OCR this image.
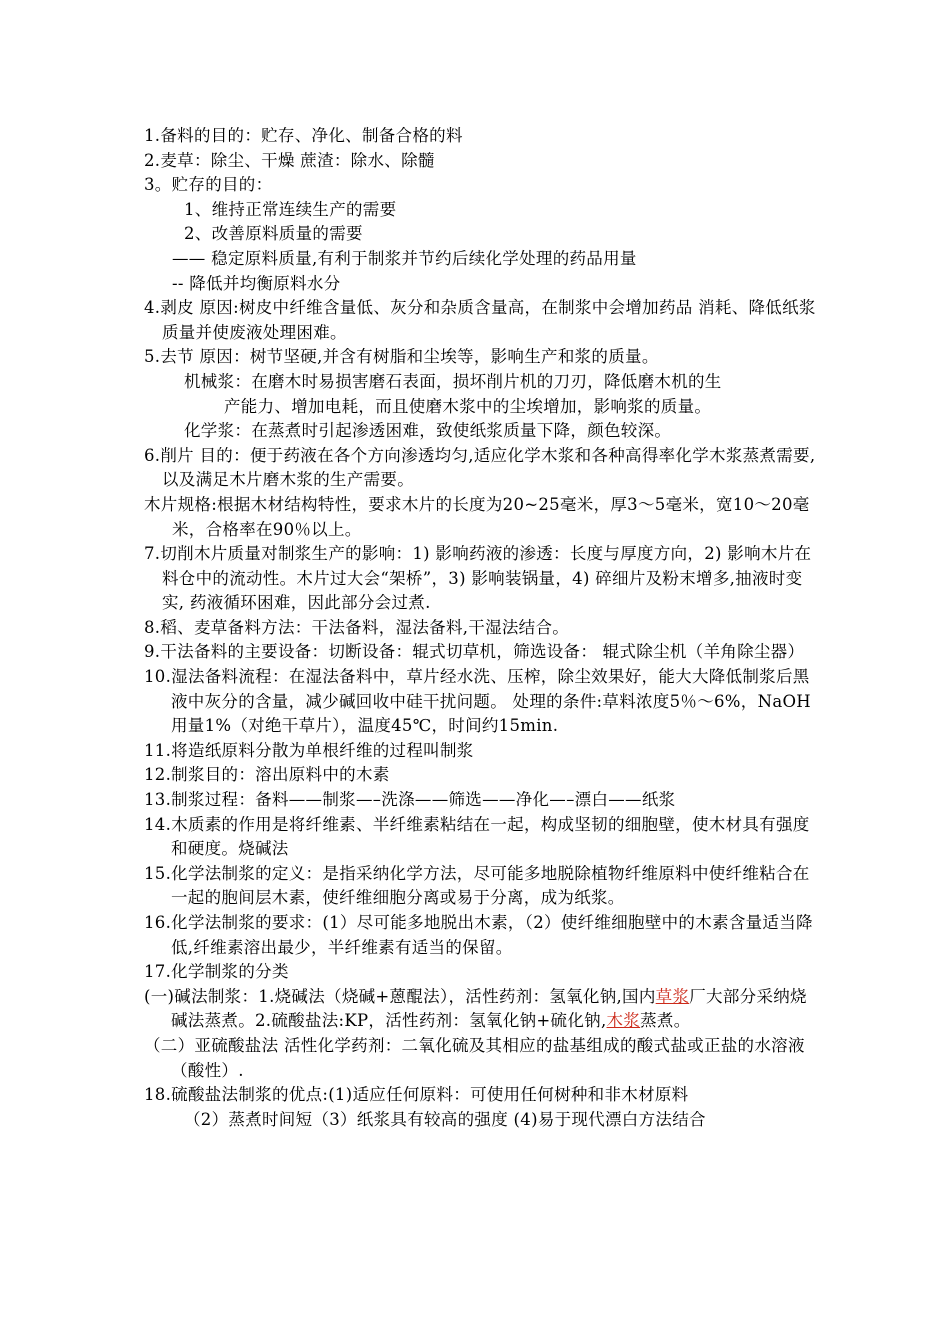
1.备料的目的：贮存、净化、制备合格的料

2.麦草：除尘、干燥 蔗渣：除水、除髓

3。贮存的目的：

1、维持正常连续生产的需要

2、改善原料质量的需要

—— 稳定原料质量,有利于制浆并节约后续化学处理的药品用量

-- 降低并均衡原料水分

4.剥皮 原因:树皮中纤维含量低、灰分和杂质含量高，在制浆中会增加药品 消耗、降低纸浆质量并使废液处理困难。

5.去节 原因：树节坚硬,并含有树脂和尘埃等，影响生产和浆的质量。

机械浆：在磨木时易损害磨石表面，损坏削片机的刀刃，降低磨木机的生

产能力、增加电耗，而且使磨木浆中的尘埃增加，影响浆的质量。

化学浆：在蒸煮时引起渗透困难，致使纸浆质量下降，颜色较深。

6.削片 目的：便于药液在各个方向渗透均匀,适应化学木浆和各种高得率化学木浆蒸煮需要,以及满足木片磨木浆的生产需要。

木片规格:根据木材结构特性，要求木片的长度为20~25毫米，厚3～5毫米，宽10～20毫米，合格率在90％以上。

7.切削木片质量对制浆生产的影响：1) 影响药液的渗透：长度与厚度方向，2) 影响木片在料仓中的流动性。木片过大会“架桥”，3) 影响装锅量，4) 碎细片及粉末增多,抽液时变实, 药液循环困难，因此部分会过煮.

8.稻、麦草备料方法：干法备料，湿法备料,干湿法结合。

9.干法备料的主要设备：切断设备：辊式切草机，筛选设备： 辊式除尘机（羊角除尘器）

10.湿法备料流程：在湿法备料中，草片经水洗、压榨，除尘效果好，能大大降低制浆后黑液中灰分的含量，减少碱回收中硅干扰问题。 处理的条件:草料浓度5％～6%，NaOH用量1%（对绝干草片），温度45℃，时间约15min.

11.将造纸原料分散为单根纤维的过程叫制浆

12.制浆目的：溶出原料中的木素

13.制浆过程：备料——制浆—–洗涤——筛选——净化—–漂白——纸浆

14.木质素的作用是将纤维素、半纤维素粘结在一起，构成坚韧的细胞壁，使木材具有强度和硬度。烧碱法

15.化学法制浆的定义：是指采纳化学方法，尽可能多地脱除植物纤维原料中使纤维粘合在一起的胞间层木素，使纤维细胞分离或易于分离，成为纸浆。

16.化学法制浆的要求：(1）尽可能多地脱出木素，（2）使纤维细胞壁中的木素含量适当降低,纤维素溶出最少，半纤维素有适当的保留。

17.化学制浆的分类

(一)碱法制浆：1.烧碱法（烧碱+蒽醌法），活性药剂：氢氧化钠,国内草浆厂大部分采纳烧碱法蒸煮。2.硫酸盐法:KP，活性药剂：氢氧化钠+硫化钠,木浆蒸煮。

（二）亚硫酸盐法 活性化学药剂：二氧化硫及其相应的盐基组成的酸式盐或正盐的水溶液（酸性）.

18.硫酸盐法制浆的优点:(1)适应任何原料：可使用任何树种和非木材原料

（2）蒸煮时间短（3）纸浆具有较高的强度 (4)易于现代漂白方法结合
